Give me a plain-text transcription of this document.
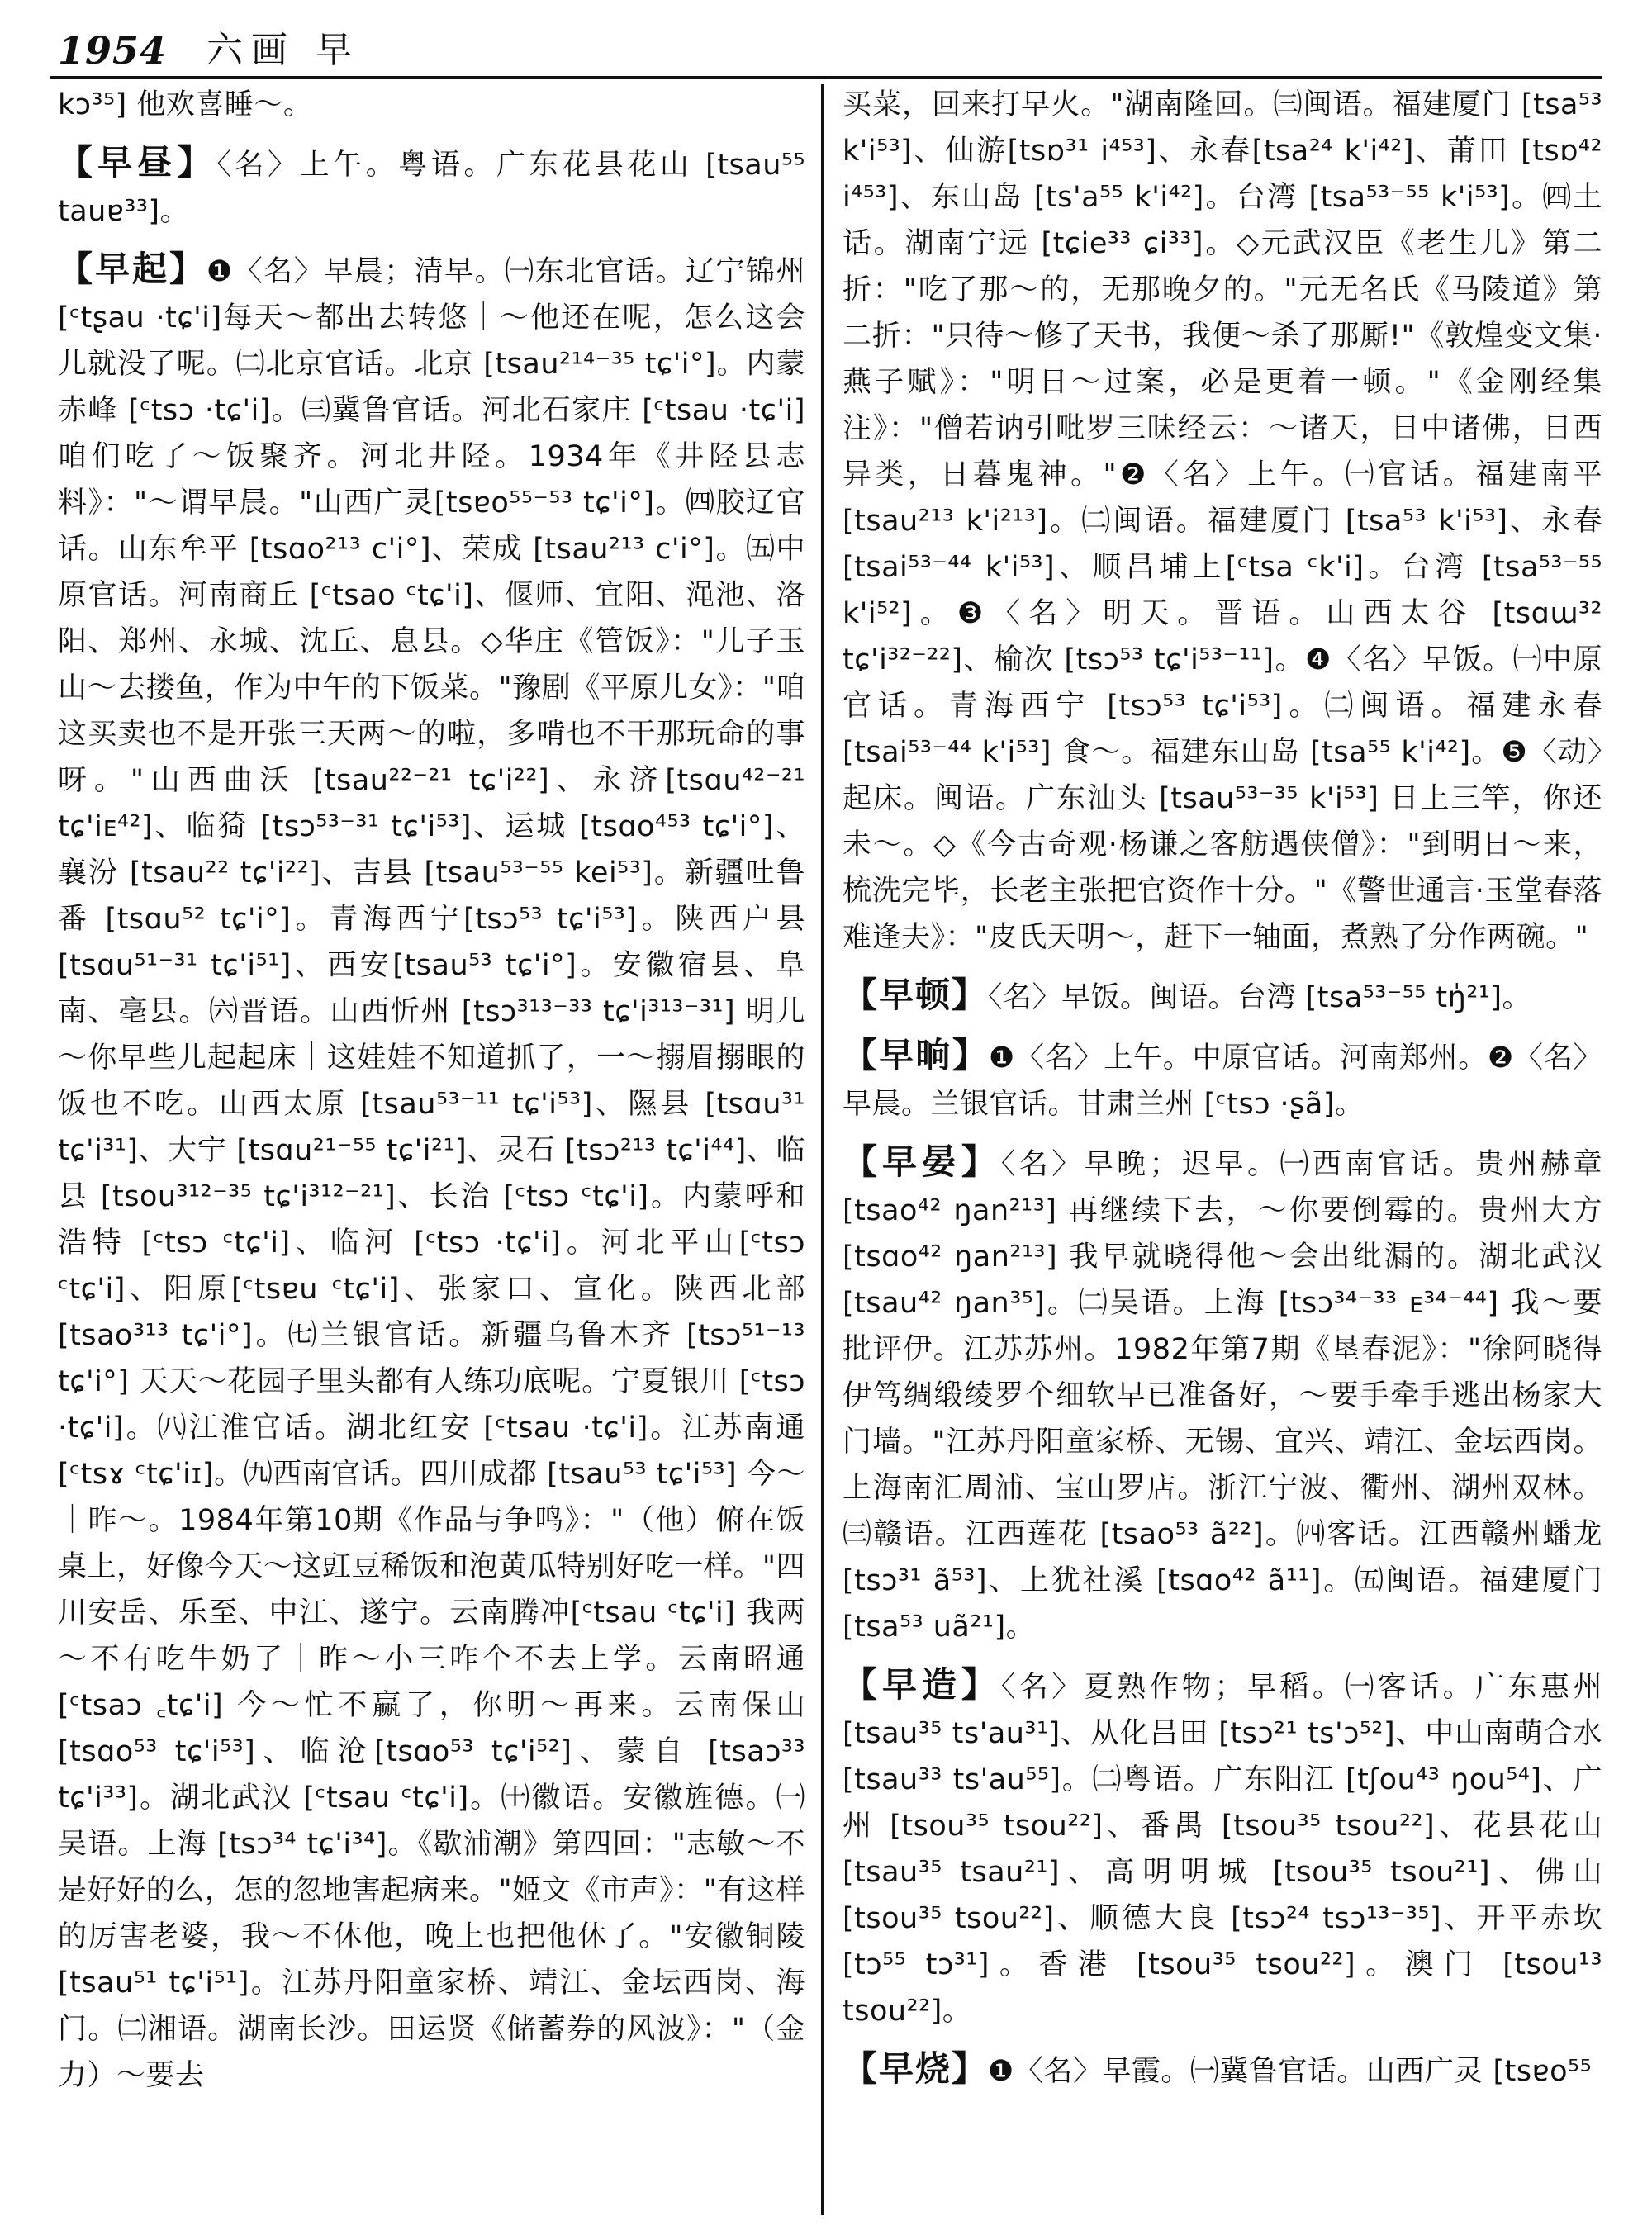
1954 六画 早

kɔ³⁵] 他欢喜睡～。

【早昼】〈名〉上午。粤语。广东花县花山 [tsau⁵⁵ tauɐ³³]。

【早起】❶〈名〉早晨；清早。㈠东北官话。辽宁锦州 [ᶜtʂau ·tɕ'i]每天～都出去转悠｜～他还在呢，怎么这会儿就没了呢。㈡北京官话。北京 [tsau²¹⁴⁻³⁵ tɕ'i°]。内蒙赤峰 [ᶜtsɔ ·tɕ'i]。㈢冀鲁官话。河北石家庄 [ᶜtsau ·tɕ'i]咱们吃了～饭聚齐。河北井陉。1934年《井陉县志料》："～谓早晨。"山西广灵[tsɐo⁵⁵⁻⁵³ tɕ'i°]。㈣胶辽官话。山东牟平 [tsɑo²¹³ c'i°]、荣成 [tsau²¹³ c'i°]。㈤中原官话。河南商丘 [ᶜtsao ᶜtɕ'i]、偃师、宜阳、渑池、洛阳、郑州、永城、沈丘、息县。◇华庄《管饭》："儿子玉山～去搂鱼，作为中午的下饭菜。"豫剧《平原儿女》："咱这买卖也不是开张三天两～的啦，多啃也不干那玩命的事呀。"山西曲沃 [tsau²²⁻²¹ tɕ'i²²]、永济[tsɑu⁴²⁻²¹ tɕ'iᴇ⁴²]、临猗 [tsɔ⁵³⁻³¹ tɕ'i⁵³]、运城 [tsɑo⁴⁵³ tɕ'i°]、襄汾 [tsau²² tɕ'i²²]、吉县 [tsau⁵³⁻⁵⁵ kei⁵³]。新疆吐鲁番 [tsɑu⁵² tɕ'i°]。青海西宁[tsɔ⁵³ tɕ'i⁵³]。陕西户县[tsɑu⁵¹⁻³¹ tɕ'i⁵¹]、西安[tsau⁵³ tɕ'i°]。安徽宿县、阜南、亳县。㈥晋语。山西忻州 [tsɔ³¹³⁻³³ tɕ'i³¹³⁻³¹] 明儿～你早些儿起起床｜这娃娃不知道抓了，一～搦眉搦眼的饭也不吃。山西太原 [tsau⁵³⁻¹¹ tɕ'i⁵³]、隰县 [tsɑu³¹ tɕ'i³¹]、大宁 [tsɑu²¹⁻⁵⁵ tɕ'i²¹]、灵石 [tsɔ²¹³ tɕ'i⁴⁴]、临县 [tsou³¹²⁻³⁵ tɕ'i³¹²⁻²¹]、长治 [ᶜtsɔ ᶜtɕ'i]。内蒙呼和浩特 [ᶜtsɔ ᶜtɕ'i]、临河 [ᶜtsɔ ·tɕ'i]。河北平山[ᶜtsɔ ᶜtɕ'i]、阳原[ᶜtsɐu ᶜtɕ'i]、张家口、宣化。陕西北部 [tsao³¹³ tɕ'i°]。㈦兰银官话。新疆乌鲁木齐 [tsɔ⁵¹⁻¹³ tɕ'i°] 天天～花园子里头都有人练功底呢。宁夏银川 [ᶜtsɔ ·tɕ'i]。㈧江淮官话。湖北红安 [ᶜtsau ·tɕ'i]。江苏南通 [ᶜtsɤ ᶜtɕ'iɪ]。㈨西南官话。四川成都 [tsau⁵³ tɕ'i⁵³] 今～｜昨～。1984年第10期《作品与争鸣》："（他）俯在饭桌上，好像今天～这豇豆稀饭和泡黄瓜特别好吃一样。"四川安岳、乐至、中江、遂宁。云南腾冲[ᶜtsau ᶜtɕ'i] 我两～不有吃牛奶了｜昨～小三咋个不去上学。云南昭通 [ᶜtsaɔ ꜀tɕ'i] 今～忙不赢了，你明～再来。云南保山[tsɑo⁵³ tɕ'i⁵³]、临沧[tsɑo⁵³ tɕ'i⁵²]、蒙自 [tsaɔ³³ tɕ'i³³]。湖北武汉 [ᶜtsau ᶜtɕ'i]。㈩徽语。安徽旌德。㈠吴语。上海 [tsɔ³⁴ tɕ'i³⁴]。《歇浦潮》第四回："志敏～不是好好的么，怎的忽地害起病来。"姬文《市声》："有这样的厉害老婆，我～不休他，晚上也把他休了。"安徽铜陵[tsau⁵¹ tɕ'i⁵¹]。江苏丹阳童家桥、靖江、金坛西岗、海门。㈡湘语。湖南长沙。田运贤《储蓄券的风波》："（金力）～要去

买菜，回来打早火。"湖南隆回。㈢闽语。福建厦门 [tsa⁵³ k'i⁵³]、仙游[tsɒ³¹ i⁴⁵³]、永春[tsa²⁴ k'i⁴²]、莆田 [tsɒ⁴² i⁴⁵³]、东山岛 [ts'a⁵⁵ k'i⁴²]。台湾 [tsa⁵³⁻⁵⁵ k'i⁵³]。㈣土话。湖南宁远 [tɕie³³ ɕi³³]。◇元武汉臣《老生儿》第二折："吃了那～的，无那晚夕的。"元无名氏《马陵道》第二折："只待～修了天书，我便～杀了那厮!"《敦煌变文集·燕子赋》："明日～过案，必是更着一顿。"《金刚经集注》："僧若讷引毗罗三昧经云：～诸天，日中诸佛，日西异类，日暮鬼神。"❷〈名〉上午。㈠官话。福建南平 [tsau²¹³ k'i²¹³]。㈡闽语。福建厦门 [tsa⁵³ k'i⁵³]、永春 [tsai⁵³⁻⁴⁴ k'i⁵³]、顺昌埔上[ᶜtsa ᶜk'i]。台湾 [tsa⁵³⁻⁵⁵ k'i⁵²]。❸〈名〉明天。晋语。山西太谷 [tsɑɯ³² tɕ'i³²⁻²²]、榆次 [tsɔ⁵³ tɕ'i⁵³⁻¹¹]。❹〈名〉早饭。㈠中原官话。青海西宁 [tsɔ⁵³ tɕ'i⁵³]。㈡闽语。福建永春[tsai⁵³⁻⁴⁴ k'i⁵³] 食～。福建东山岛 [tsa⁵⁵ k'i⁴²]。❺〈动〉起床。闽语。广东汕头 [tsau⁵³⁻³⁵ k'i⁵³] 日上三竿，你还未～。◇《今古奇观·杨谦之客舫遇侠僧》："到明日～来，梳洗完毕，长老主张把官资作十分。"《警世通言·玉堂春落难逢夫》："皮氏天明～，赶下一轴面，煮熟了分作两碗。"

【早顿】〈名〉早饭。闽语。台湾 [tsa⁵³⁻⁵⁵ tŋ̍²¹]。

【早晌】❶〈名〉上午。中原官话。河南郑州。❷〈名〉早晨。兰银官话。甘肃兰州 [ᶜtsɔ ·ʂã]。

【早晏】〈名〉早晚；迟早。㈠西南官话。贵州赫章 [tsao⁴² ŋan²¹³] 再继续下去，～你要倒霉的。贵州大方 [tsɑo⁴² ŋan²¹³] 我早就晓得他～会出纰漏的。湖北武汉 [tsau⁴² ŋan³⁵]。㈡吴语。上海 [tsɔ³⁴⁻³³ ᴇ³⁴⁻⁴⁴] 我～要批评伊。江苏苏州。1982年第7期《垦春泥》："徐阿晓得伊笃绸缎绫罗个细软早已准备好，～要手牵手逃出杨家大门墙。"江苏丹阳童家桥、无锡、宜兴、靖江、金坛西岗。上海南汇周浦、宝山罗店。浙江宁波、衢州、湖州双林。㈢赣语。江西莲花 [tsao⁵³ ã²²]。㈣客话。江西赣州蟠龙 [tsɔ³¹ ã⁵³]、上犹社溪 [tsɑo⁴² ã¹¹]。㈤闽语。福建厦门 [tsa⁵³ uã²¹]。

【早造】〈名〉夏熟作物；早稻。㈠客话。广东惠州[tsau³⁵ ts'au³¹]、从化吕田 [tsɔ²¹ ts'ɔ⁵²]、中山南萌合水 [tsau³³ ts'au⁵⁵]。㈡粤语。广东阳江 [tʃou⁴³ ŋou⁵⁴]、广州 [tsou³⁵ tsou²²]、番禺 [tsou³⁵ tsou²²]、花县花山 [tsau³⁵ tsau²¹]、高明明城 [tsou³⁵ tsou²¹]、佛山 [tsou³⁵ tsou²²]、顺德大良 [tsɔ²⁴ tsɔ¹³⁻³⁵]、开平赤坎 [tɔ⁵⁵ tɔ³¹]。香港 [tsou³⁵ tsou²²]。澳门 [tsou¹³ tsou²²]。

【早烧】❶〈名〉早霞。㈠冀鲁官话。山西广灵 [tsɐo⁵⁵
